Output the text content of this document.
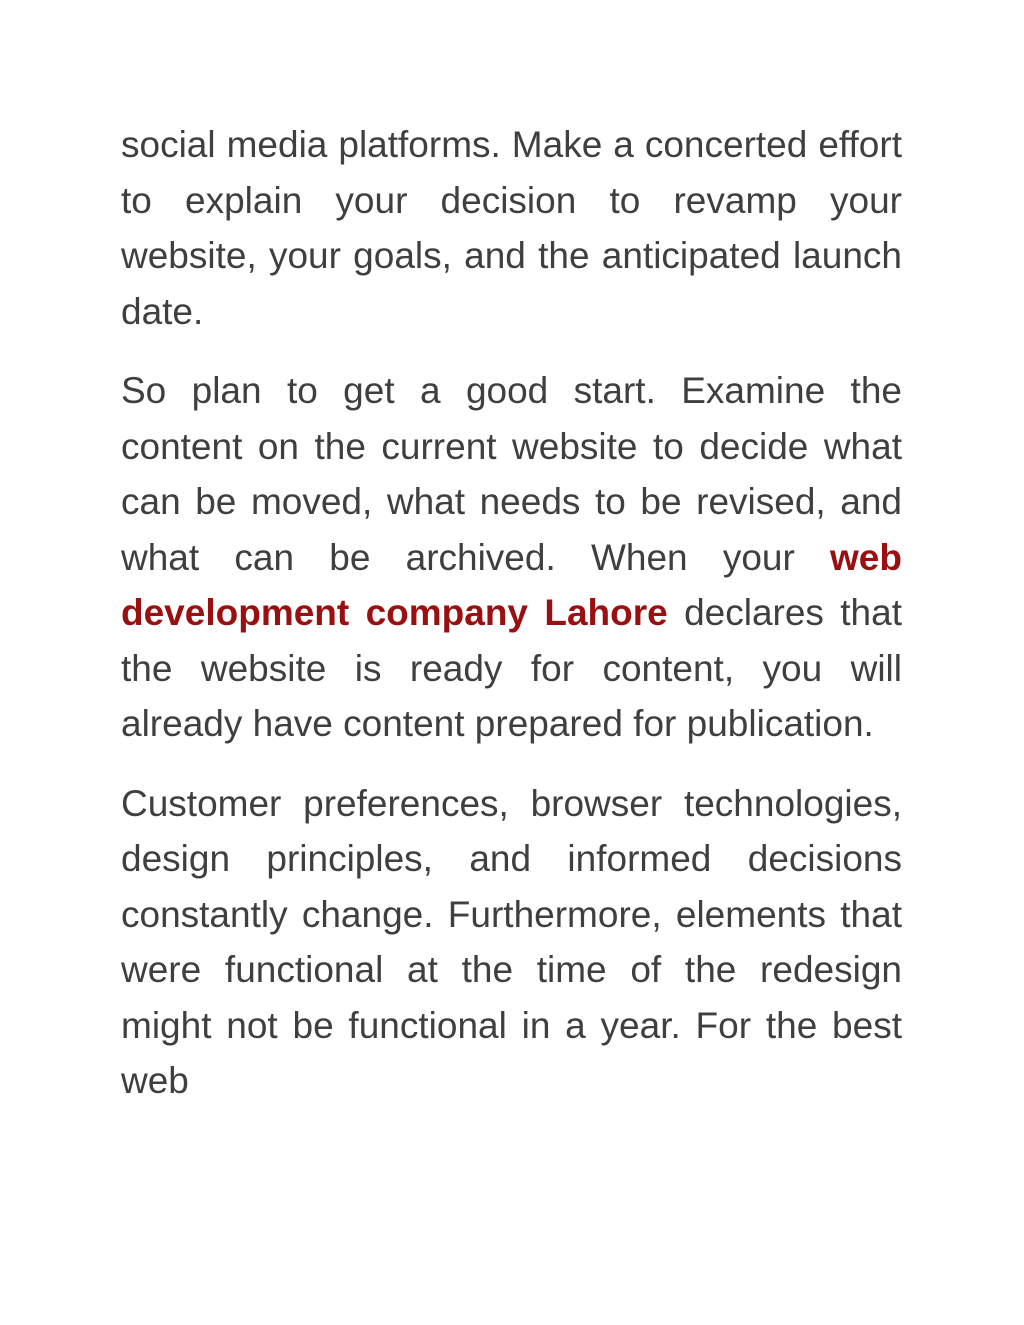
social media platforms. Make a concerted effort to explain your decision to revamp your website, your goals, and the anticipated launch date.

So plan to get a good start. Examine the content on the current website to decide what can be moved, what needs to be revised, and what can be archived. When your web development company Lahore declares that the website is ready for content, you will already have content prepared for publication.

Customer preferences, browser technologies, design principles, and informed decisions constantly change. Furthermore, elements that were functional at the time of the redesign might not be functional in a year. For the best web
